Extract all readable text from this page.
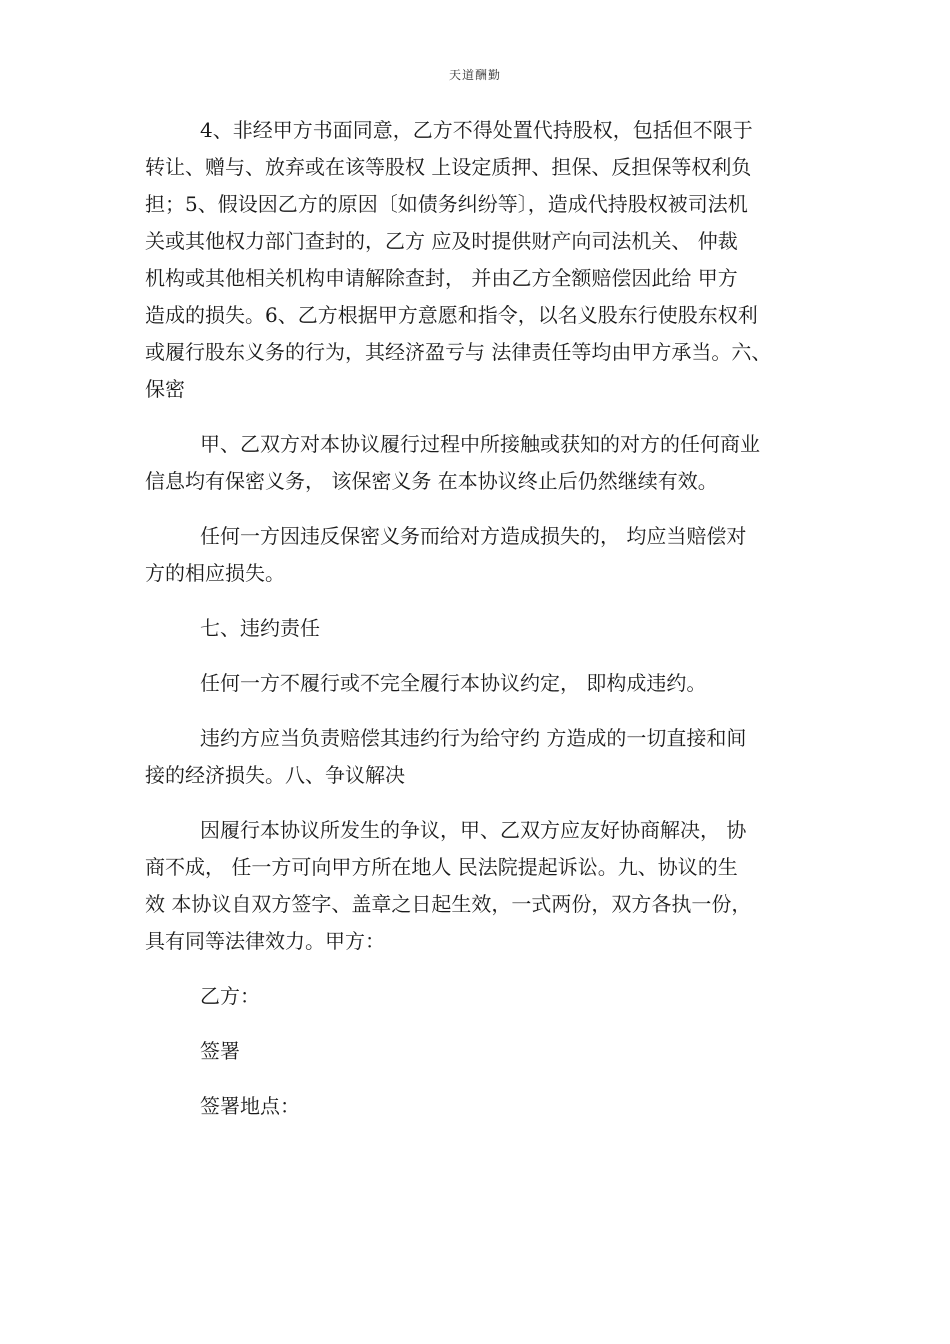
天道酬勤

4、非经甲方书面同意，乙方不得处置代持股权，包括但不限于
转让、赠与、放弃或在该等股权 上设定质押、担保、反担保等权利负
担；5、假设因乙方的原因〔如债务纠纷等〕，造成代持股权被司法机
关或其他权力部门查封的，乙方 应及时提供财产向司法机关、 仲裁
机构或其他相关机构申请解除查封， 并由乙方全额赔偿因此给 甲方
造成的损失。6、乙方根据甲方意愿和指令，以名义股东行使股东权利
或履行股东义务的行为，其经济盈亏与 法律责任等均由甲方承当。六、
保密

甲、乙双方对本协议履行过程中所接触或获知的对方的任何商业
信息均有保密义务， 该保密义务 在本协议终止后仍然继续有效。

任何一方因违反保密义务而给对方造成损失的， 均应当赔偿对
方的相应损失。

七、违约责任

任何一方不履行或不完全履行本协议约定， 即构成违约。

违约方应当负责赔偿其违约行为给守约 方造成的一切直接和间
接的经济损失。八、争议解决

因履行本协议所发生的争议，甲、乙双方应友好协商解决， 协
商不成， 任一方可向甲方所在地人 民法院提起诉讼。九、协议的生
效 本协议自双方签字、盖章之日起生效，一式两份，双方各执一份，
具有同等法律效力。甲方：

乙方：

签署

签署地点：
